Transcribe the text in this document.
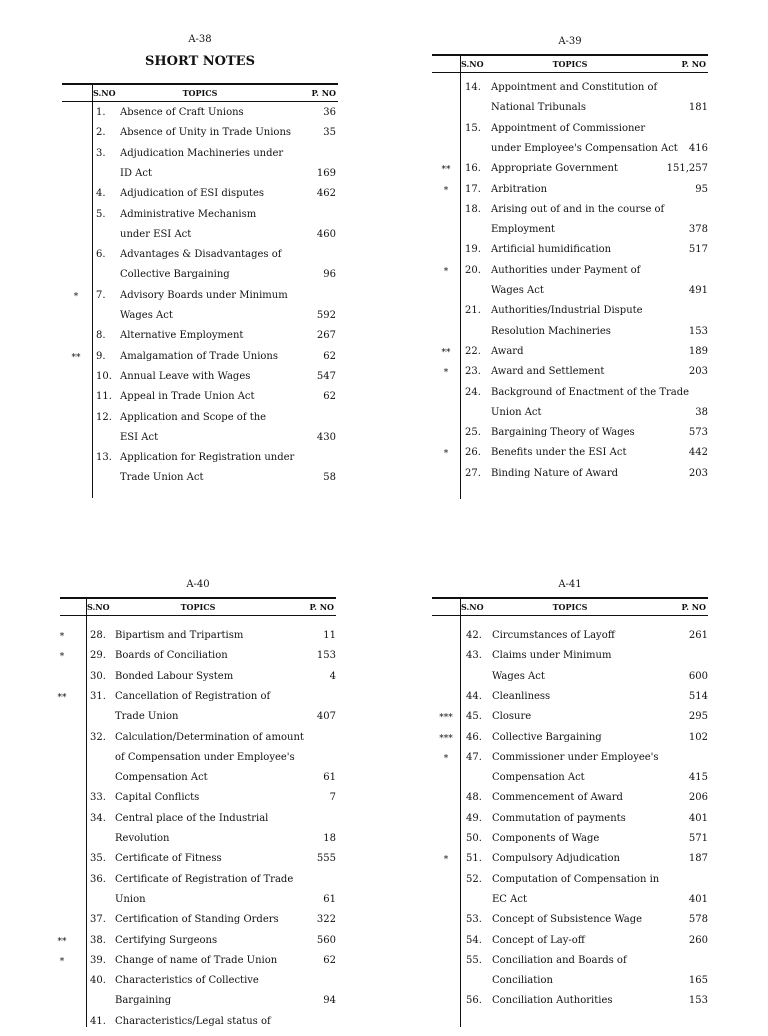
A-38
SHORT NOTES
TOPICS
S.NO	P. NO
1. Absence of Craft Unions	36
2. Absence of Unity in Trade Unions	35
3. Adjudication Machineries under
ID Act	169
4. Adjudication of ESI disputes	462
5. Administrative Mechanism
under ESI Act	460
6. Advantages & Disadvantages of
Collective Bargaining	96
*	7. Advisory Boards under Minimum
Wages Act	592
8. Alternative Employment	267
**	9. Amalgamation of Trade Unions	62
10. Annual Leave with Wages	547
11. Appeal in Trade Union Act	62
12. Application and Scope of the
ESI Act	430
13. Application for Registration under
Trade Union Act	58
A-39
TOPICS
S.NO	P. NO
14. Appointment and Constitution of
National Tribunals	181
15. Appointment of Commissioner
under Employee's Compensation Act 416
**	16. Appropriate Government	151,257
*	17. Arbitration	95
18. Arising out of and in the course of
Employment	378
19. Artificial humidification	517
*	20. Authorities under Payment of
Wages Act	491
21. Authorities/Industrial Dispute
Resolution Machineries	153
**	22. Award	189
*	23. Award and Settlement	203
24. Background of Enactment of the Trade
Union Act	38
25. Bargaining Theory of Wages	573
*	26. Benefits under the ESI Act	442
27. Binding Nature of Award	203
A-40
TOPICS
S.NO	P. NO
*	28. Bipartism and Tripartism	11
*	29. Boards of Conciliation	153
30. Bonded Labour System	4
**	31. Cancellation of Registration of
Trade Union	407
32. Calculation/Determination of amount
of Compensation under Employee's
Compensation Act	61
33. Capital Conflicts	7
34. Central place of the Industrial
Revolution	18
35. Certificate of Fitness	555
36. Certificate of Registration of Trade
Union	61
37. Certification of Standing Orders	322
**	38. Certifying Surgeons	560
*	39. Change of name of Trade Union	62
40. Characteristics of Collective
Bargaining	94
41. Characteristics/Legal status of
A-41
TOPICS
S.NO	P. NO
42. Circumstances of Layoff	261
43. Claims under Minimum
Wages Act	600
44. Cleanliness	514
***	45. Closure	295
***	46. Collective Bargaining	102
*	47. Commissioner under Employee's
Compensation Act	415
48. Commencement of Award	206
49. Commutation of payments	401
50. Components of Wage	571
*	51. Compulsory Adjudication	187
52. Computation of Compensation in
EC Act	401
53. Concept of Subsistence Wage	578
54. Concept of Lay-off	260
55. Conciliation and Boards of
Conciliation	165
56. Conciliation Authorities	153
